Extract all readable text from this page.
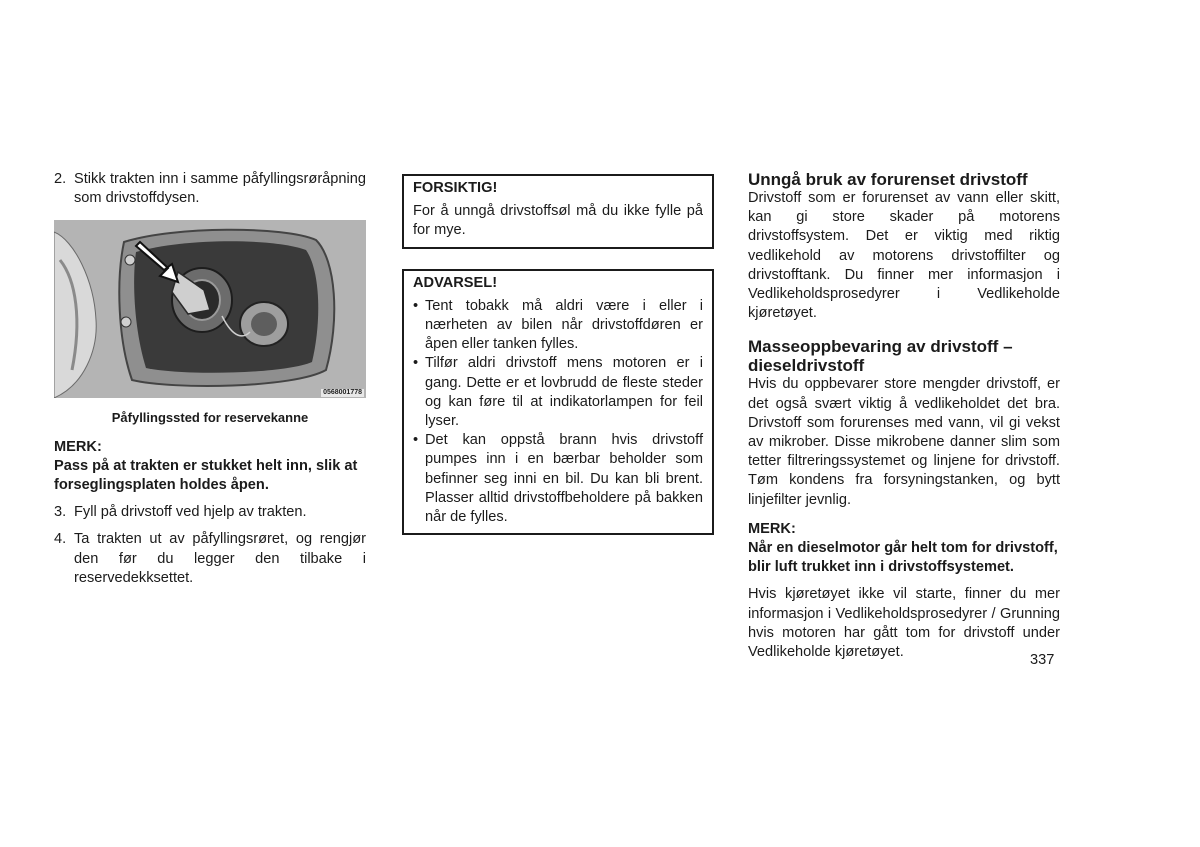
2. Stikk trakten inn i samme påfyllingsrøråpning som drivstoffdysen.
0568001778
Påfyllingssted for reservekanne
MERK:
Pass på at trakten er stukket helt inn, slik at forseglingsplaten holdes åpen.
3. Fyll på drivstoff ved hjelp av trakten.
4. Ta trakten ut av påfyllingsrøret, og rengjør den før du legger den tilbake i reservedekksettet.
FORSIKTIG!
For å unngå drivstoffsøl må du ikke fylle på for mye.
ADVARSEL!
• Tent tobakk må aldri være i eller i nærheten av bilen når drivstoffdøren er åpen eller tanken fylles.
• Tilfør aldri drivstoff mens motoren er i gang. Dette er et lovbrudd de fleste steder og kan føre til at indikatorlampen for feil lyser.
• Det kan oppstå brann hvis drivstoff pumpes inn i en bærbar beholder som befinner seg inni en bil. Du kan bli brent. Plasser alltid drivstoffbeholdere på bakken når de fylles.
Unngå bruk av forurenset drivstoff
Drivstoff som er forurenset av vann eller skitt, kan gi store skader på motorens drivstoffsystem. Det er viktig med riktig vedlikehold av motorens drivstoffilter og drivstofftank. Du finner mer informasjon i Vedlikeholdsprosedyrer i Vedlikeholde kjøretøyet.
Masseoppbevaring av drivstoff – dieseldrivstoff
Hvis du oppbevarer store mengder drivstoff, er det også svært viktig å vedlikeholdet det bra. Drivstoff som forurenses med vann, vil gi vekst av mikrober. Disse mikrobene danner slim som tetter filtreringssystemet og linjene for drivstoff. Tøm kondens fra forsyningstanken, og bytt linjefilter jevnlig.
MERK:
Når en dieselmotor går helt tom for drivstoff, blir luft trukket inn i drivstoffsystemet.
Hvis kjøretøyet ikke vil starte, finner du mer informasjon i Vedlikeholdsprosedyrer / Grunning hvis motoren har gått tom for drivstoff under Vedlikeholde kjøretøyet.	337
